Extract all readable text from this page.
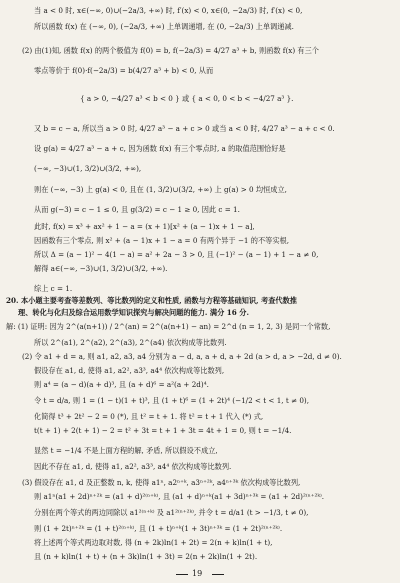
当 a < 0 时, x∈(−∞, 0)∪(−2a/3, +∞) 时, f′(x) < 0, x∈(0, −2a/3) 时, f′(x) < 0,
所以函数 f(x) 在 (−∞, 0), (−2a/3, +∞) 上单调递增, 在 (0, −2a/3) 上单调递减.
(2) 由(1)知, 函数 f(x) 的两个极值为 f(0) = b, f(−2a/3) = 4/27 a³ + b, 则函数 f(x) 有三个
零点等价于 f(0)·f(−2a/3) = b(4/27 a³ + b) < 0, 从而
{ a > 0, −4/27 a³ < b < 0 } 或 { a < 0, 0 < b < −4/27 a³ }.
又 b = c − a, 所以当 a > 0 时, 4/27 a³ − a + c > 0 或当 a < 0 时, 4/27 a³ − a + c < 0.
设 g(a) = 4/27 a³ − a + c, 因为函数 f(x) 有三个零点时, a 的取值范围恰好是
(−∞, −3)∪(1, 3/2)∪(3/2, +∞),
则在 (−∞, −3) 上 g(a) < 0, 且在 (1, 3/2)∪(3/2, +∞) 上 g(a) > 0 均恒成立,
从而 g(−3) = c − 1 ≤ 0, 且 g(3/2) = c − 1 ≥ 0, 因此 c = 1.
此时, f(x) = x³ + ax² + 1 − a = (x + 1)[x² + (a − 1)x + 1 − a],
因函数有三个零点, 则 x² + (a − 1)x + 1 − a = 0 有两个异于 −1 的不等实根,
所以 Δ = (a − 1)² − 4(1 − a) = a² + 2a − 3 > 0, 且 (−1)² − (a − 1) + 1 − a ≠ 0,
解得 a∈(−∞, −3)∪(1, 3/2)∪(3/2, +∞).
综上 c = 1.
20. 本小题主要考查等差数列、等比数列的定义和性质, 函数与方程等基础知识, 考查代数推
理、转化与化归及综合运用数学知识探究与解决问题的能力. 满分 16 分.
解: (1) 证明: 因为 2^(a(n+1)) / 2^(an) = 2^(a(n+1) − an) = 2^d (n = 1, 2, 3) 是同一个常数,
所以 2^(a1), 2^(a2), 2^(a3), 2^(a4) 依次构成等比数列.
(2) 令 a1 + d = a, 则 a1, a2, a3, a4 分别为 a − d, a, a + d, a + 2d (a > d, a > −2d, d ≠ 0).
假设存在 a1, d, 使得 a1, a2², a3³, a4⁴ 依次构成等比数列,
则 a⁴ = (a − d)(a + d)³, 且 (a + d)⁶ = a²(a + 2d)⁴.
令 t = d/a, 则 1 = (1 − t)(1 + t)³, 且 (1 + t)⁶ = (1 + 2t)⁴ (−1/2 < t < 1, t ≠ 0),
化简得 t³ + 2t² − 2 = 0 (*), 且 t² = t + 1. 将 t² = t + 1 代入 (*) 式,
t(t + 1) + 2(t + 1) − 2 = t² + 3t = t + 1 + 3t = 4t + 1 = 0, 则 t = −1/4.
显然 t = −1/4 不是上面方程的解, 矛盾, 所以假设不成立,
因此不存在 a1, d, 使得 a1, a2², a3³, a4⁴ 依次构成等比数列.
(3) 假设存在 a1, d 及正整数 n, k, 使得 a1ⁿ, a2ⁿ⁺ᵏ, a3ⁿ⁺²ᵏ, a4ⁿ⁺³ᵏ 依次构成等比数列,
则 a1ⁿ(a1 + 2d)ⁿ⁺²ᵏ = (a1 + d)²⁽ⁿ⁺ᵏ⁾, 且 (a1 + d)ⁿ⁺ᵏ(a1 + 3d)ⁿ⁺³ᵏ = (a1 + 2d)²⁽ⁿ⁺²ᵏ⁾.
分别在两个等式的两边同除以 a1²⁽ⁿ⁺ᵏ⁾ 及 a1²⁽ⁿ⁺²ᵏ⁾, 并令 t = d/a1 (t > −1/3, t ≠ 0),
则 (1 + 2t)ⁿ⁺²ᵏ = (1 + t)²⁽ⁿ⁺ᵏ⁾, 且 (1 + t)ⁿ⁺ᵏ(1 + 3t)ⁿ⁺³ᵏ = (1 + 2t)²⁽ⁿ⁺²ᵏ⁾.
将上述两个等式两边取对数, 得 (n + 2k)ln(1 + 2t) = 2(n + k)ln(1 + t),
且 (n + k)ln(1 + t) + (n + 3k)ln(1 + 3t) = 2(n + 2k)ln(1 + 2t).
19
